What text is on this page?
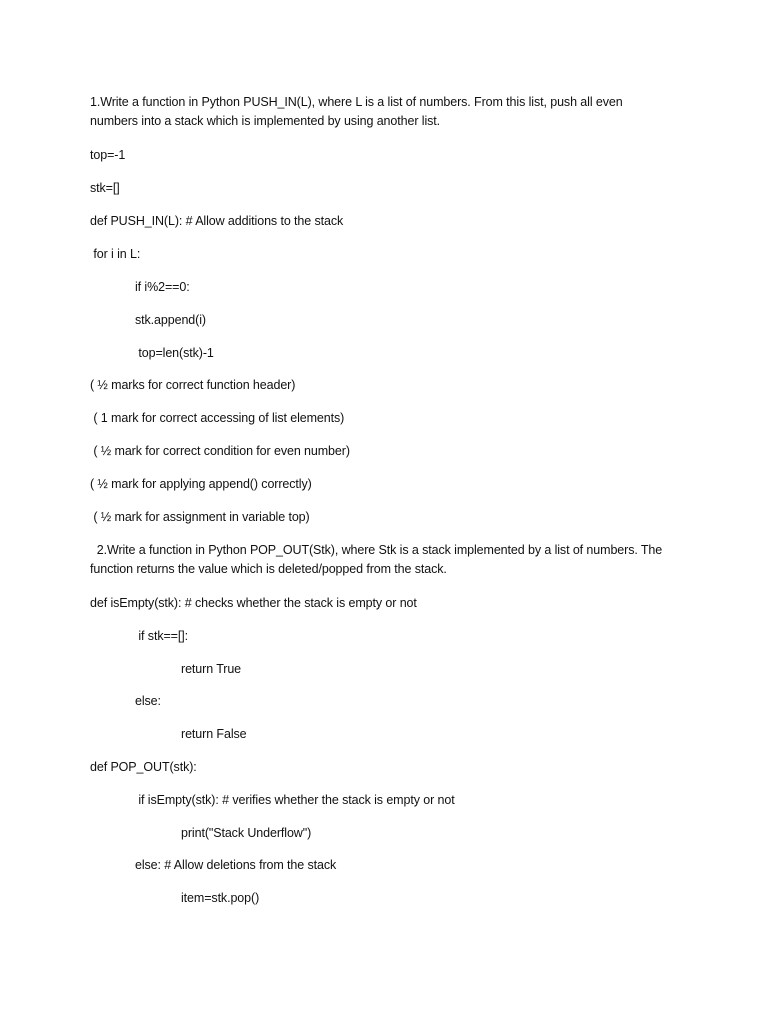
1.Write a function in Python PUSH_IN(L), where L is a list of numbers. From this list, push all even
numbers into a stack which is implemented by using another list.
top=-1
stk=[]
def PUSH_IN(L): # Allow additions to the stack
for i in L:
if i%2==0:
stk.append(i)
top=len(stk)-1
( ½ marks for correct function header)
( 1 mark for correct accessing of list elements)
( ½ mark for correct condition for even number)
( ½ mark for applying append() correctly)
( ½ mark for assignment in variable top)
2.Write a function in Python POP_OUT(Stk), where Stk is a stack implemented by a list of numbers. The
function returns the value which is deleted/popped from the stack.
def isEmpty(stk): # checks whether the stack is empty or not
if stk==[]:
return True
else:
return False
def POP_OUT(stk):
if isEmpty(stk): # verifies whether the stack is empty or not
print("Stack Underflow")
else: # Allow deletions from the stack
item=stk.pop()
